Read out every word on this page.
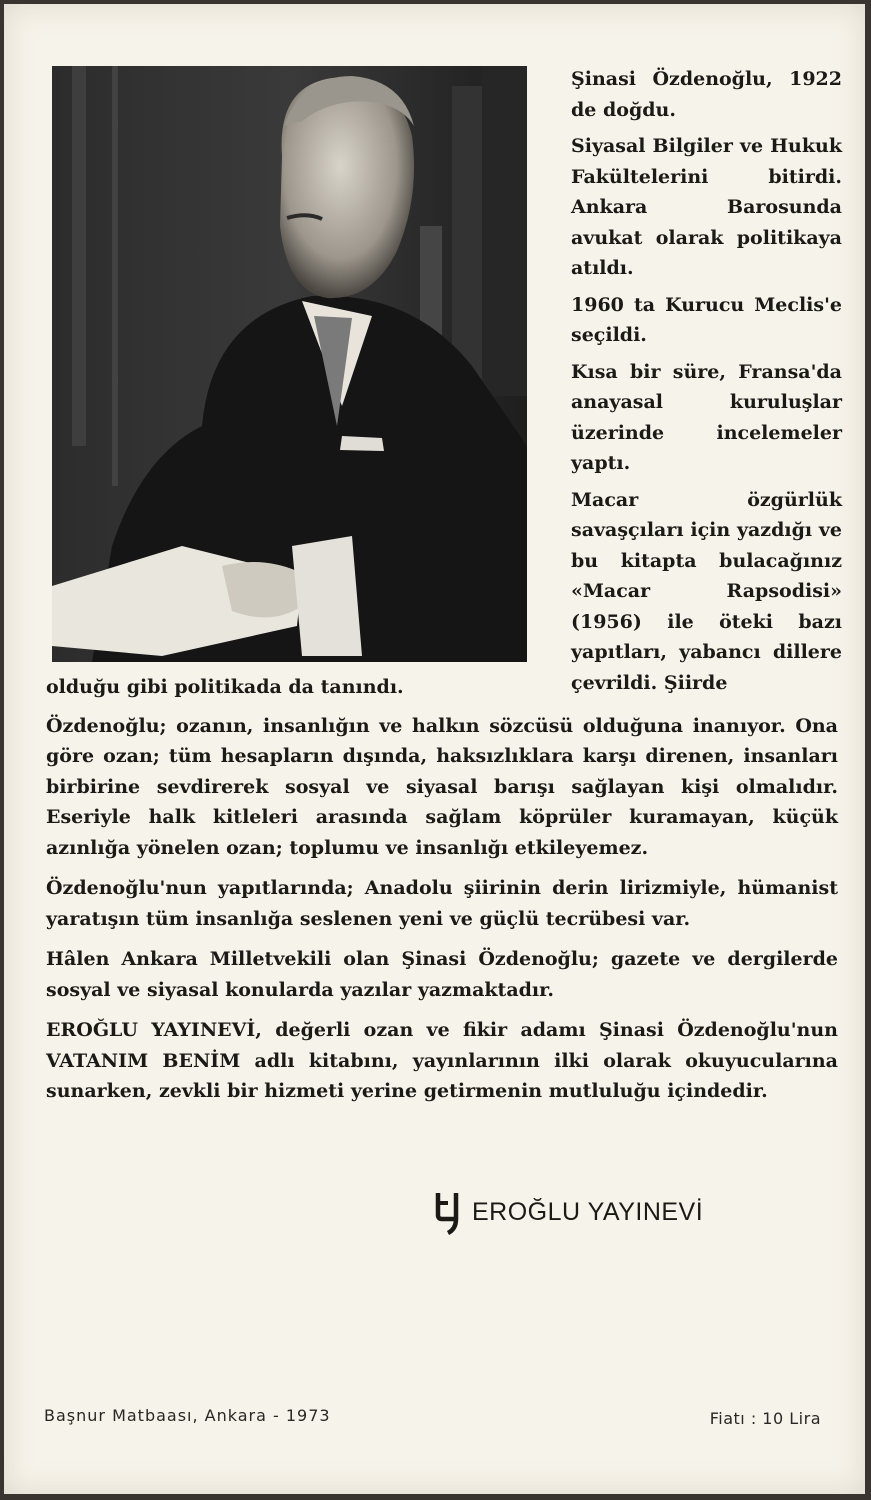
Şinasi Özdenoğlu, 1922 de doğdu.

Siyasal Bilgiler ve Hukuk Fakültelerini bitirdi. Ankara Barosunda avukat olarak politikaya atıldı.

1960 ta Kurucu Meclis'e seçildi.

Kısa bir süre, Fransa'da anayasal kuruluşlar üzerinde incelemeler yaptı.

Macar özgürlük savaşçıları için yazdığı ve bu kitapta bulacağınız «Macar Rapsodisi» (1956) ile öteki bazı yapıtları, yabancı dillere çevrildi. Şiirde

olduğu gibi politikada da tanındı.

Özdenoğlu; ozanın, insanlığın ve halkın sözcüsü olduğuna inanıyor. Ona göre ozan; tüm hesapların dışında, haksızlıklara karşı direnen, insanları birbirine sevdirerek sosyal ve siyasal barışı sağlayan kişi olmalıdır. Eseriyle halk kitleleri arasında sağlam köprüler kuramayan, küçük azınlığa yönelen ozan; toplumu ve insanlığı etkileyemez.

Özdenoğlu'nun yapıtlarında; Anadolu şiirinin derin lirizmiyle, hümanist yaratışın tüm insanlığa seslenen yeni ve güçlü tecrübesi var.

Hâlen Ankara Milletvekili olan Şinasi Özdenoğlu; gazete ve dergilerde sosyal ve siyasal konularda yazılar yazmaktadır.

EROĞLU YAYINEVİ, değerli ozan ve fikir adamı Şinasi Özdenoğlu'nun VATANIM BENİM adlı kitabını, yayınlarının ilki olarak okuyucularına sunarken, zevkli bir hizmeti yerine getirmenin mutluluğu içindedir.

EROĞLU YAYINEVİ
Başnur Matbaası, Ankara - 1973	Fiatı : 10 Lira
